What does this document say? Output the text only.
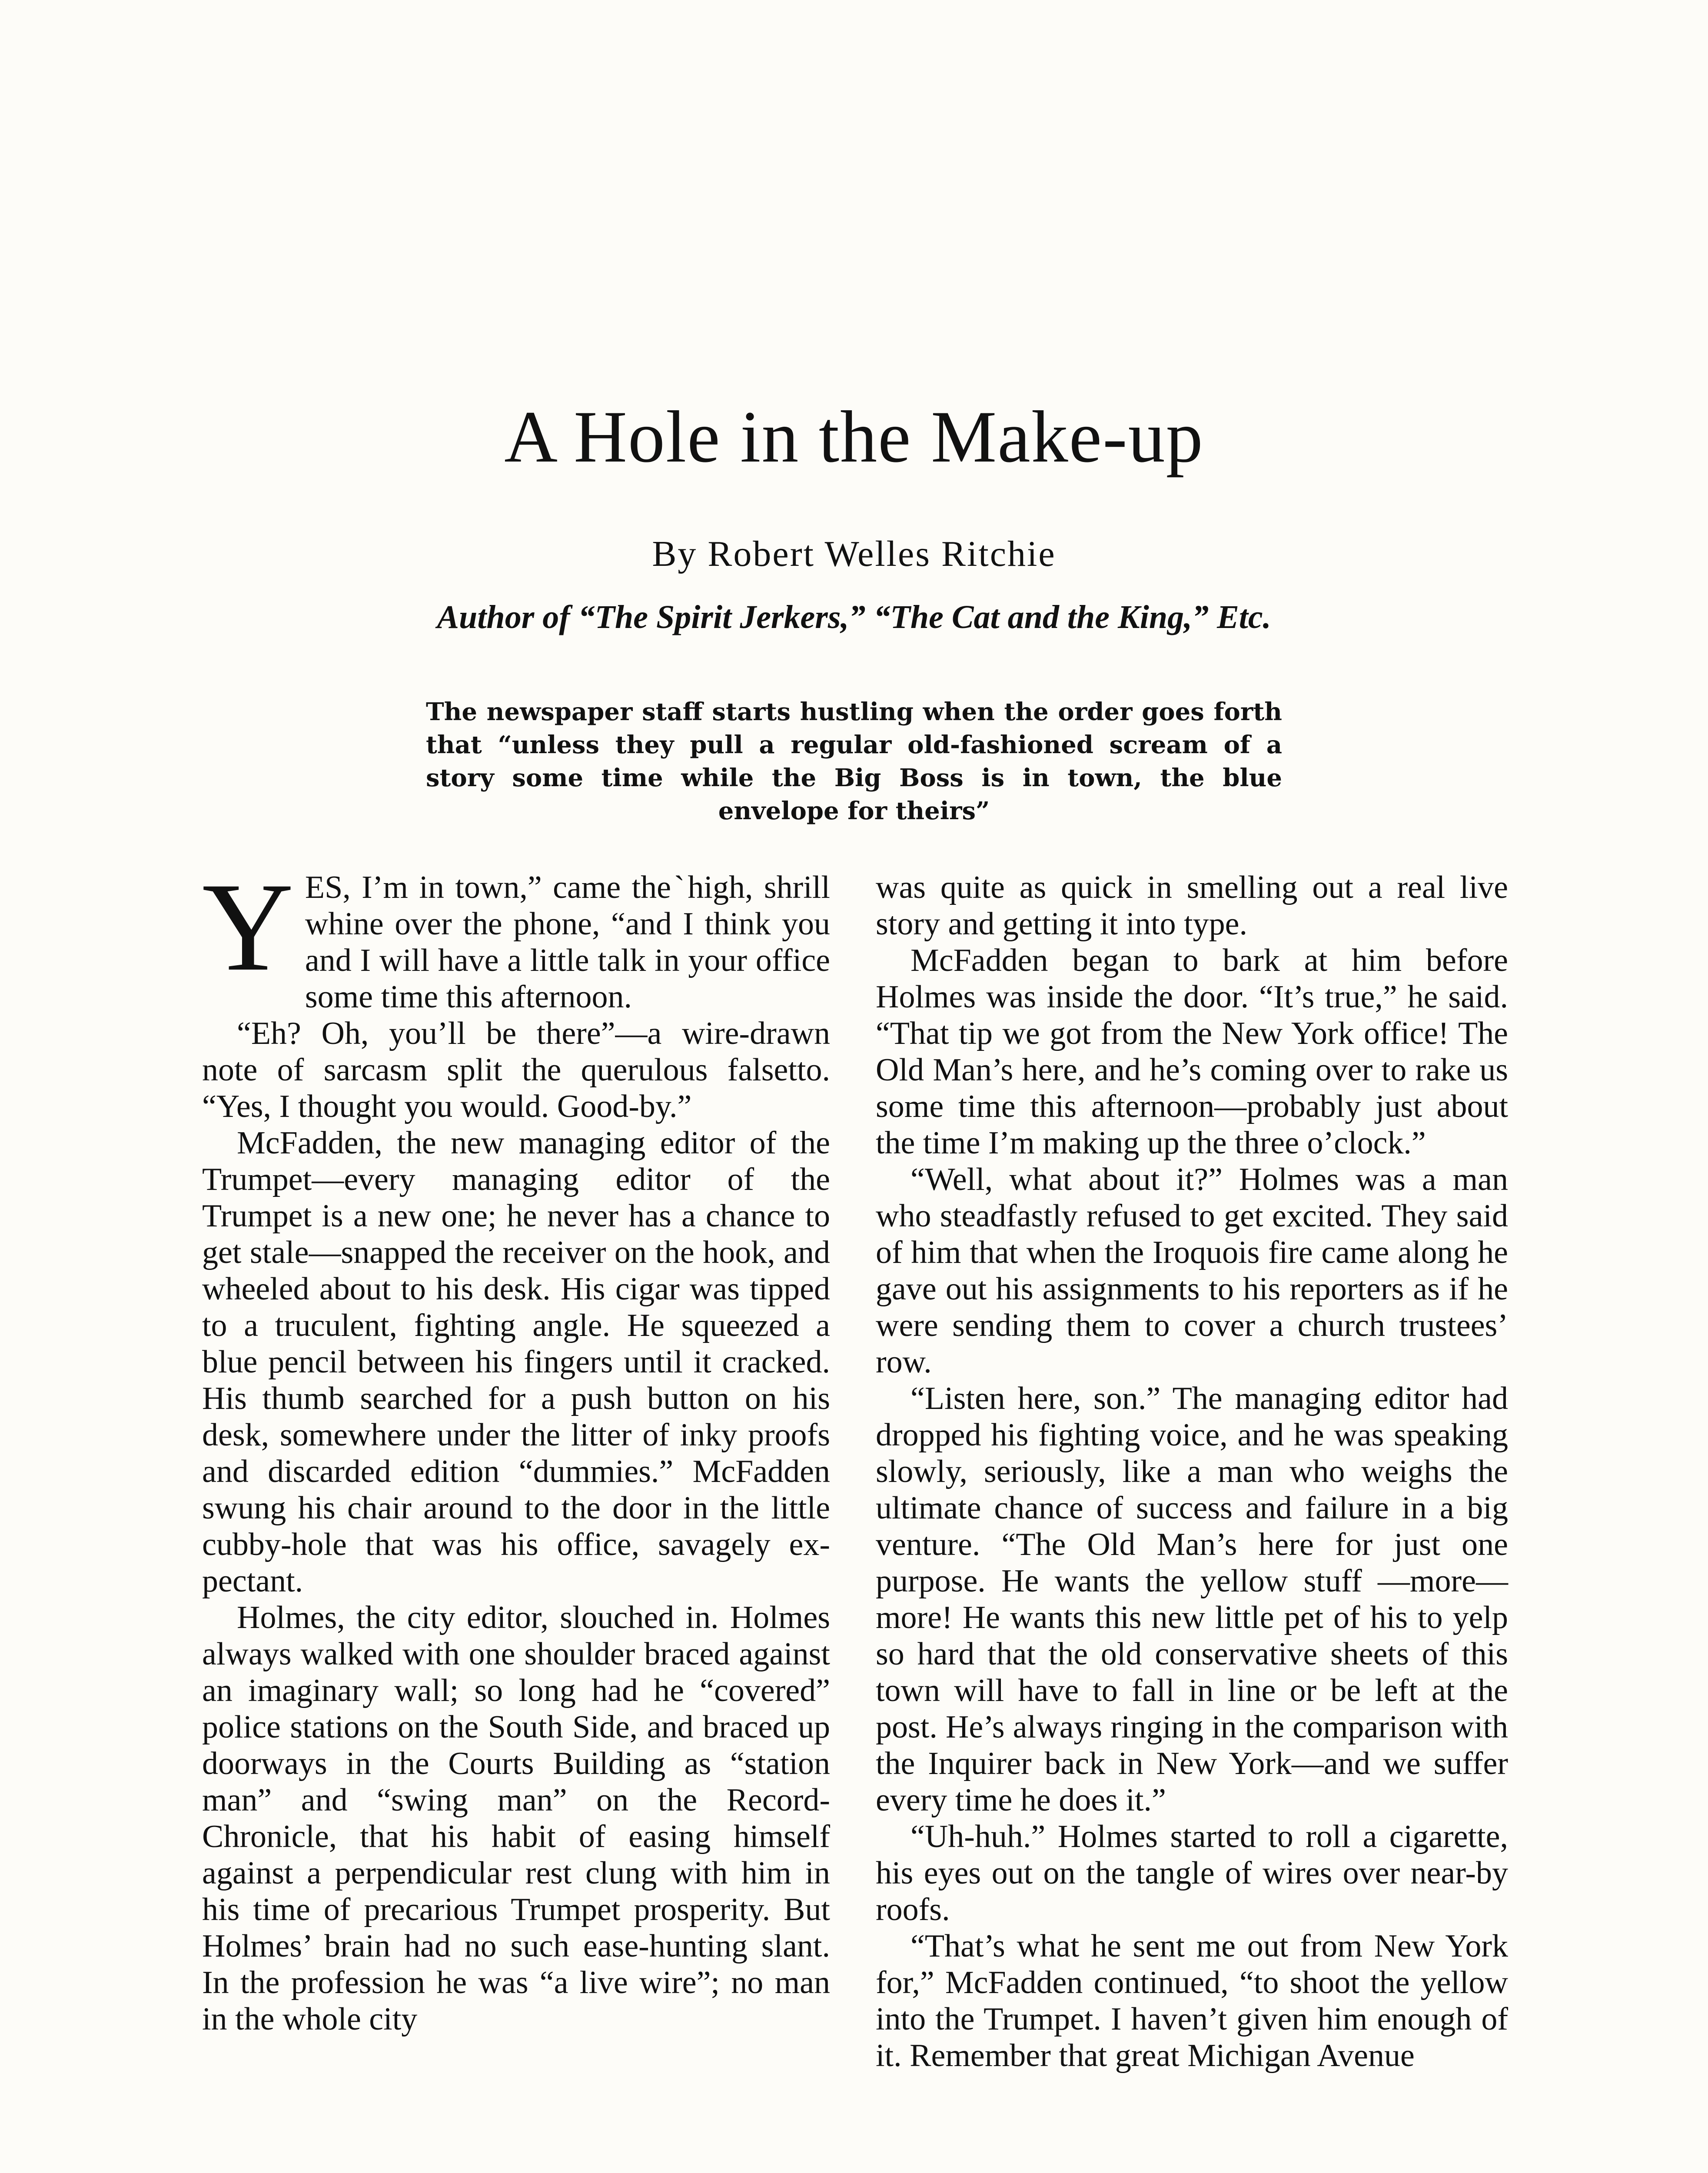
A Hole in the Make-up
By Robert Welles Ritchie
Author of “The Spirit Jerkers,” “The Cat and the King,” Etc.
The newspaper staff starts hustling when the order goes forth that “unless they pull a regular old-fashioned scream of a story some time while the Big Boss is in town, the blue envelope for theirs”

YES, I’m in town,” came theˋhigh, shrill whine over the phone, “and I think you and I will have a little talk in your office some time this afternoon.

“Eh? Oh, you’ll be there”—a wire-drawn note of sarcasm split the querulous falsetto. “Yes, I thought you would. Good-by.”

McFadden, the new managing editor of the Trumpet—every managing editor of the Trumpet is a new one; he never has a chance to get stale—snapped the receiver on the hook, and wheeled about to his desk. His cigar was tipped to a truculent, fighting angle. He squeezed a blue pencil between his fingers until it cracked. His thumb searched for a push button on his desk, somewhere under the litter of inky proofs and discarded edition “dummies.” McFadden swung his chair around to the door in the little cubby-hole that was his office, savagely expectant.

Holmes, the city editor, slouched in. Holmes always walked with one shoulder braced against an imaginary wall; so long had he “covered” police stations on the South Side, and braced up doorways in the Courts Building as “station man” and “swing man” on the Record-Chronicle, that his habit of easing himself against a perpendicular rest clung with him in his time of precarious Trumpet prosperity. But Holmes’ brain had no such ease-hunting slant. In the profession he was “a live wire”; no man in the whole city

was quite as quick in smelling out a real live story and getting it into type.

McFadden began to bark at him before Holmes was inside the door. “It’s true,” he said. “That tip we got from the New York office! The Old Man’s here, and he’s coming over to rake us some time this afternoon—probably just about the time I’m making up the three o’clock.”

“Well, what about it?” Holmes was a man who steadfastly refused to get excited. They said of him that when the Iroquois fire came along he gave out his assignments to his reporters as if he were sending them to cover a church trustees’ row.

“Listen here, son.” The managing editor had dropped his fighting voice, and he was speaking slowly, seriously, like a man who weighs the ultimate chance of success and failure in a big venture. “The Old Man’s here for just one purpose. He wants the yellow stuff —more—more! He wants this new little pet of his to yelp so hard that the old conservative sheets of this town will have to fall in line or be left at the post. He’s always ringing in the comparison with the Inquirer back in New York—and we suffer every time he does it.”

“Uh-huh.” Holmes started to roll a cigarette, his eyes out on the tangle of wires over near-by roofs.

“That’s what he sent me out from New York for,” McFadden continued, “to shoot the yellow into the Trumpet. I haven’t given him enough of it. Remember that great Michigan Avenue
